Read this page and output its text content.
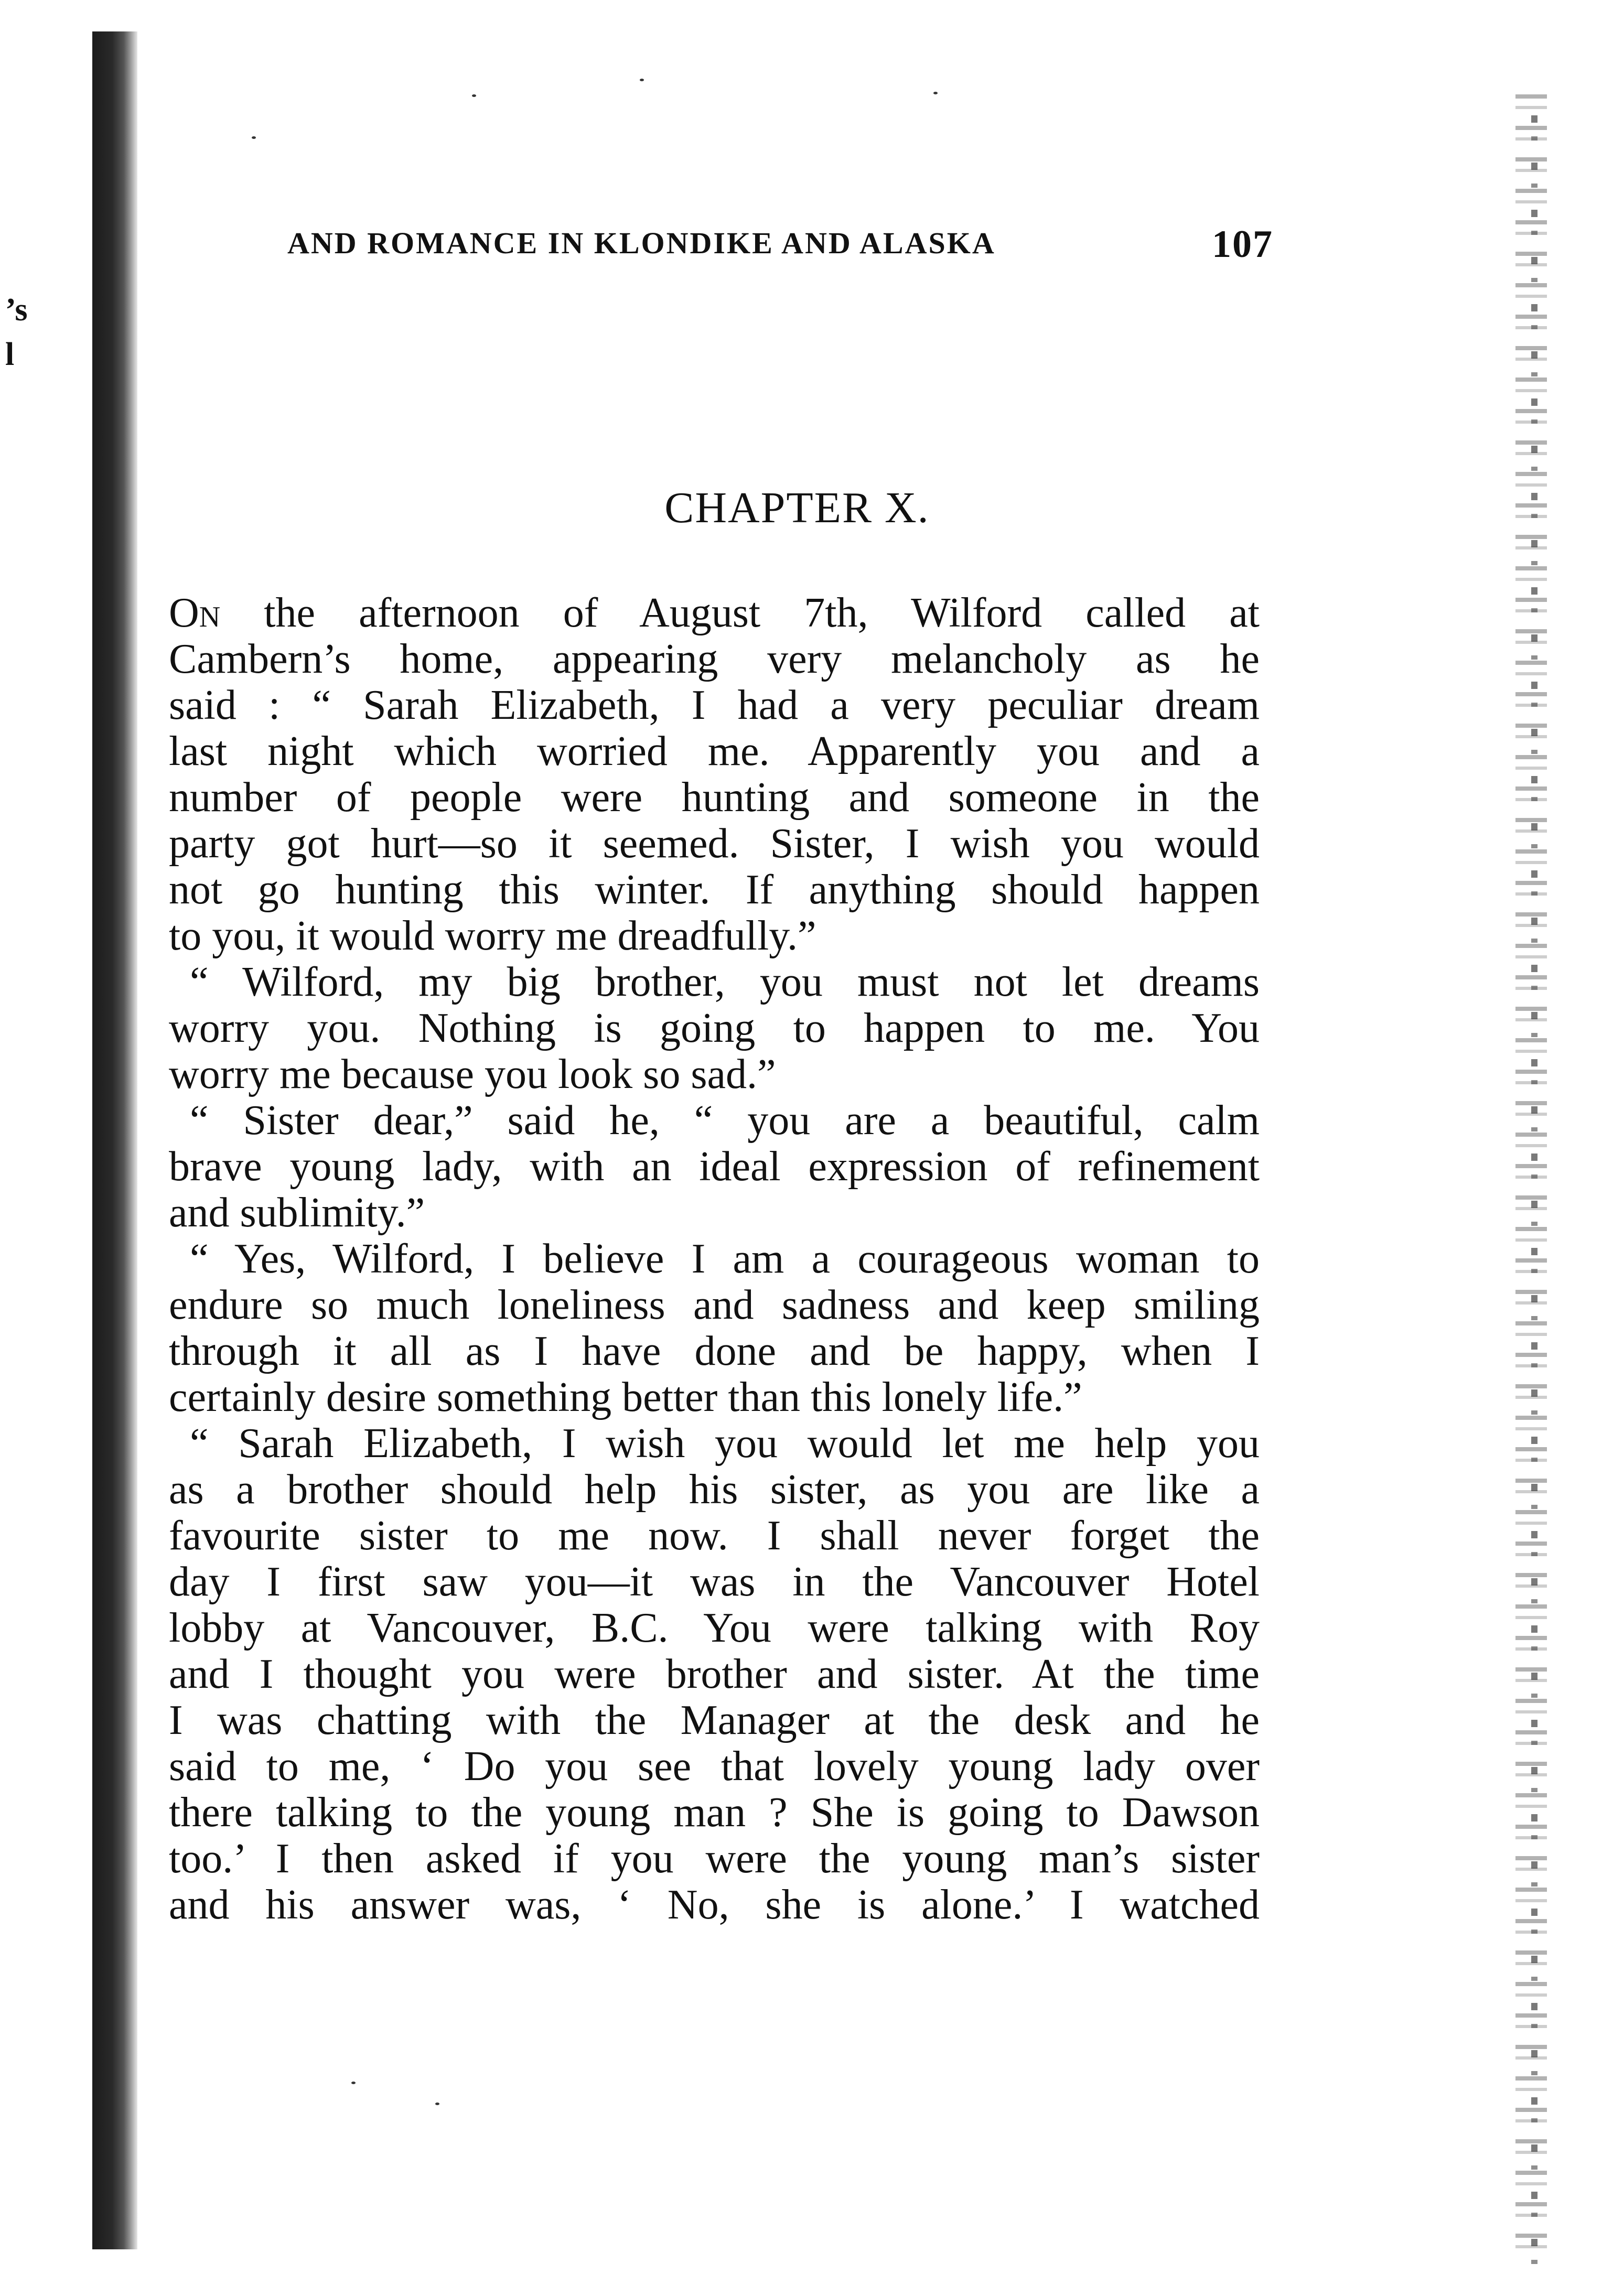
’s
l
AND ROMANCE IN KLONDIKE AND ALASKA	107
CHAPTER X.
On the afternoon of August 7th, Wilford called at
Cambern’s home, appearing very melancholy as he
said : “ Sarah Elizabeth, I had a very peculiar dream
last night which worried me. Apparently you and a
number of people were hunting and someone in the
party got hurt—so it seemed. Sister, I wish you would
not go hunting this winter. If anything should happen
to you, it would worry me dreadfully.”
“ Wilford, my big brother, you must not let dreams
worry you. Nothing is going to happen to me. You
worry me because you look so sad.”
“ Sister dear,” said he, “ you are a beautiful, calm
brave young lady, with an ideal expression of refinement
and sublimity.”
“ Yes, Wilford, I believe I am a courageous woman to
endure so much loneliness and sadness and keep smiling
through it all as I have done and be happy, when I
certainly desire something better than this lonely life.”
“ Sarah Elizabeth, I wish you would let me help you
as a brother should help his sister, as you are like a
favourite sister to me now. I shall never forget the
day I first saw you—it was in the Vancouver Hotel
lobby at Vancouver, B.C. You were talking with Roy
and I thought you were brother and sister. At the time
I was chatting with the Manager at the desk and he
said to me, ‘ Do you see that lovely young lady over
there talking to the young man ? She is going to Dawson
too.’ I then asked if you were the young man’s sister
and his answer was, ‘ No, she is alone.’ I watched
